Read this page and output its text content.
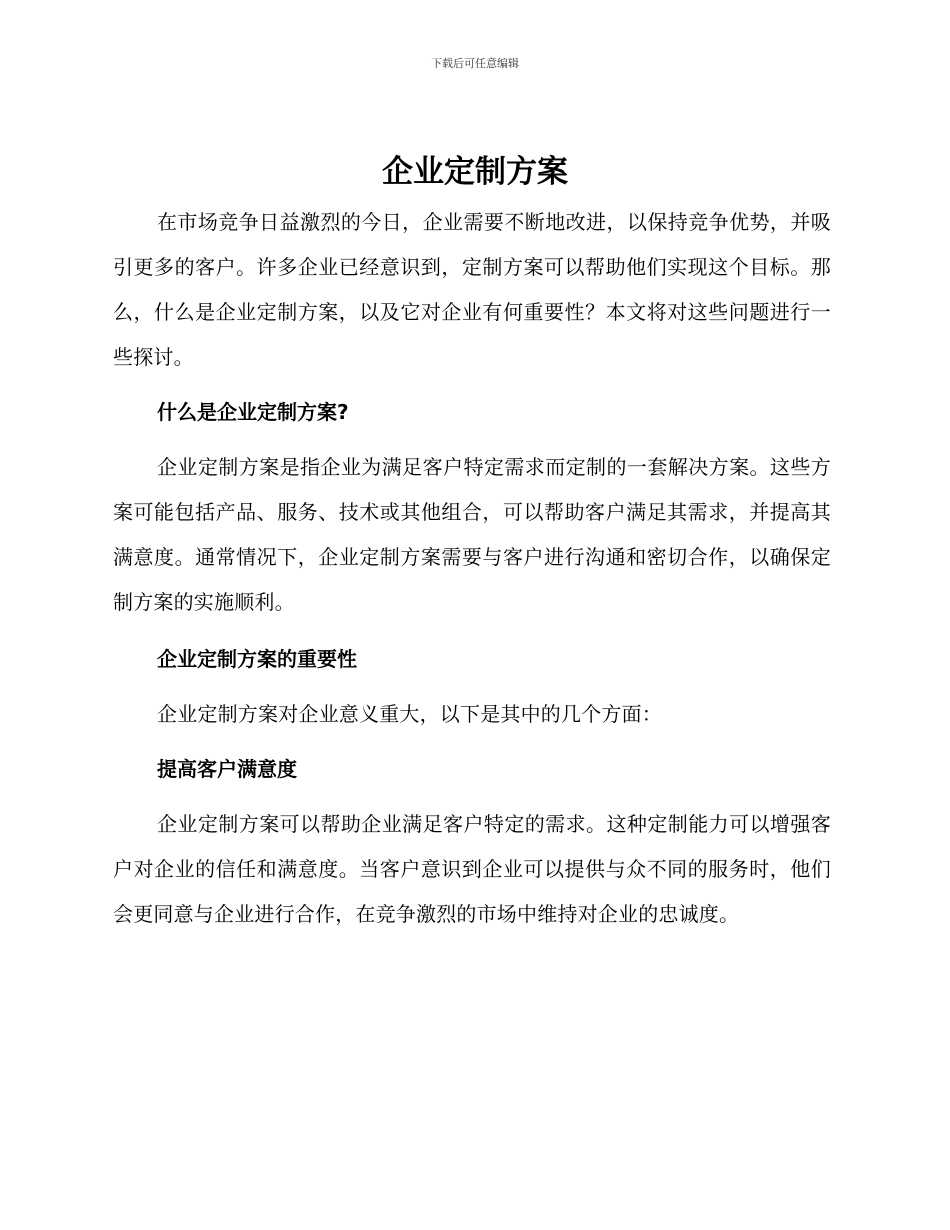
下载后可任意编辑
企业定制方案

在市场竞争日益激烈的今日，企业需要不断地改进，以保持竞争优势，并吸引更多的客户。许多企业已经意识到，定制方案可以帮助他们实现这个目标。那么，什么是企业定制方案，以及它对企业有何重要性？本文将对这些问题进行一些探讨。

什么是企业定制方案?

企业定制方案是指企业为满足客户特定需求而定制的一套解决方案。这些方案可能包括产品、服务、技术或其他组合，可以帮助客户满足其需求，并提高其满意度。通常情况下，企业定制方案需要与客户进行沟通和密切合作，以确保定制方案的实施顺利。

企业定制方案的重要性

企业定制方案对企业意义重大，以下是其中的几个方面：

提高客户满意度

企业定制方案可以帮助企业满足客户特定的需求。这种定制能力可以增强客户对企业的信任和满意度。当客户意识到企业可以提供与众不同的服务时，他们会更同意与企业进行合作，在竞争激烈的市场中维持对企业的忠诚度。
